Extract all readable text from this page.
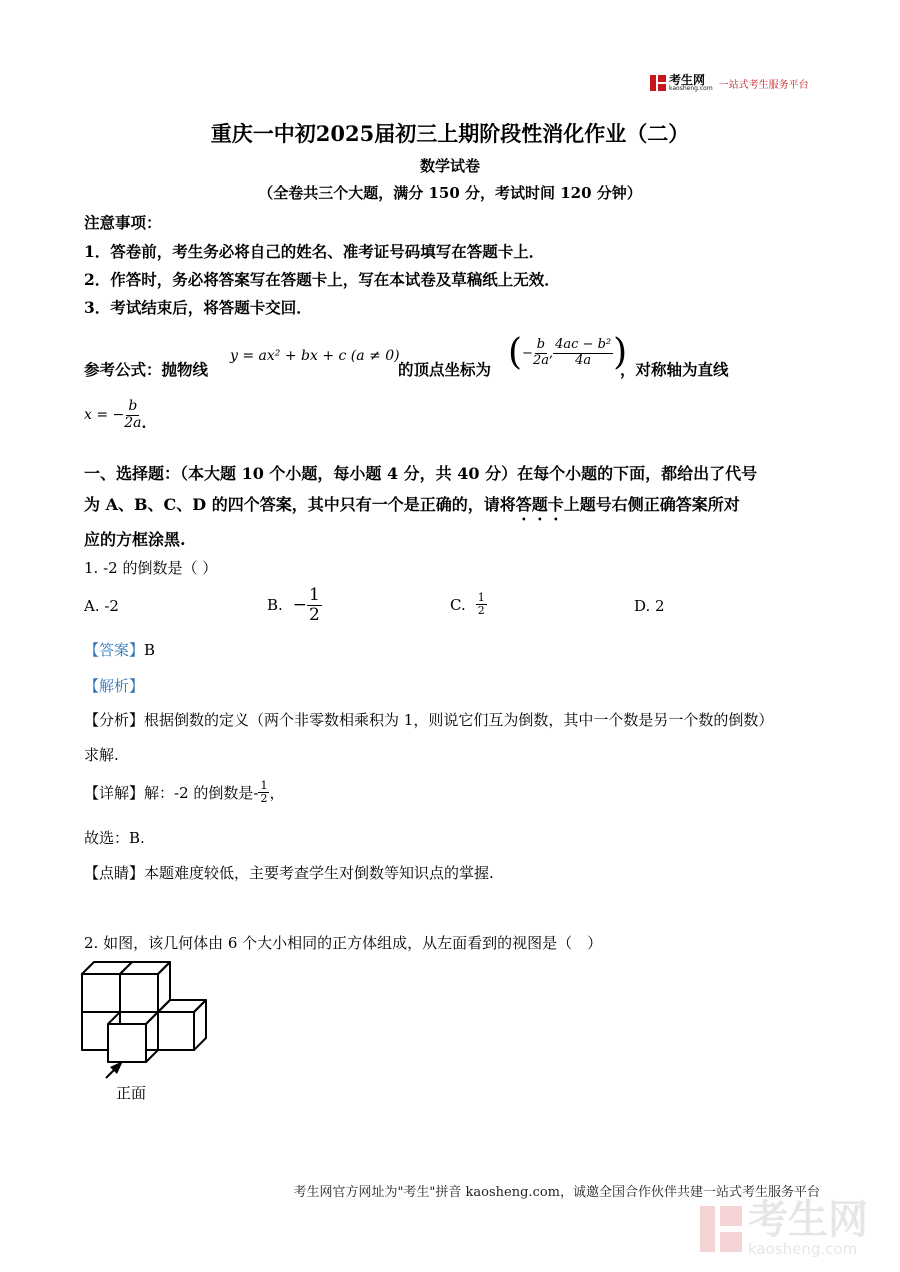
考生网
kaosheng.com 一站式考生服务平台
重庆一中初2025届初三上期阶段性消化作业（二）
数学试卷
（全卷共三个大题，满分 150 分，考试时间 120 分钟）
注意事项：
1．答卷前，考生务必将自己的姓名、准考证号码填写在答题卡上．
2．作答时，务必将答案写在答题卡上，写在本试卷及草稿纸上无效．
3．考试结束后，将答题卡交回．
参考公式：抛物线
y = ax² + bx + c (a ≠ 0)
的顶点坐标为 ( − $\frac{b}{2a}$ , $\frac{\text{4ac − b²}}{4a}$ )
，对称轴为直线
x = − $\frac{b}{2a}$ .
一、选择题：（本大题 10 个小题，每小题 4 分，共 40 分）在每个小题的下面，都给出了代号
为 A、B、C、D 的四个答案，其中只有一个是正确的，请将答题卡上题号右侧正确答案所对
应的方框涂黑.
1. -2 的倒数是（ ）
A. -2	B. − $\frac{1}{2}$	C. $\frac{1}{2}$	D. 2
【答案】B
【解析】
【分析】根据倒数的定义（两个非零数相乘积为 1，则说它们互为倒数，其中一个数是另一个数的倒数）
求解.
【详解】 解：-2 的倒数是- $\frac{1}{2}$ ，
故选：B.
【点睛】本题难度较低，主要考查学生对倒数等知识点的掌握.
2. 如图，该几何体由 6 个大小相同的正方体组成，从左面看到的视图是（　）
正面
考生网官方网址为"考生"拼音 kaosheng.com，诚邀全国合作伙伴共建一站式考生服务平台
考生网
kaosheng.com
